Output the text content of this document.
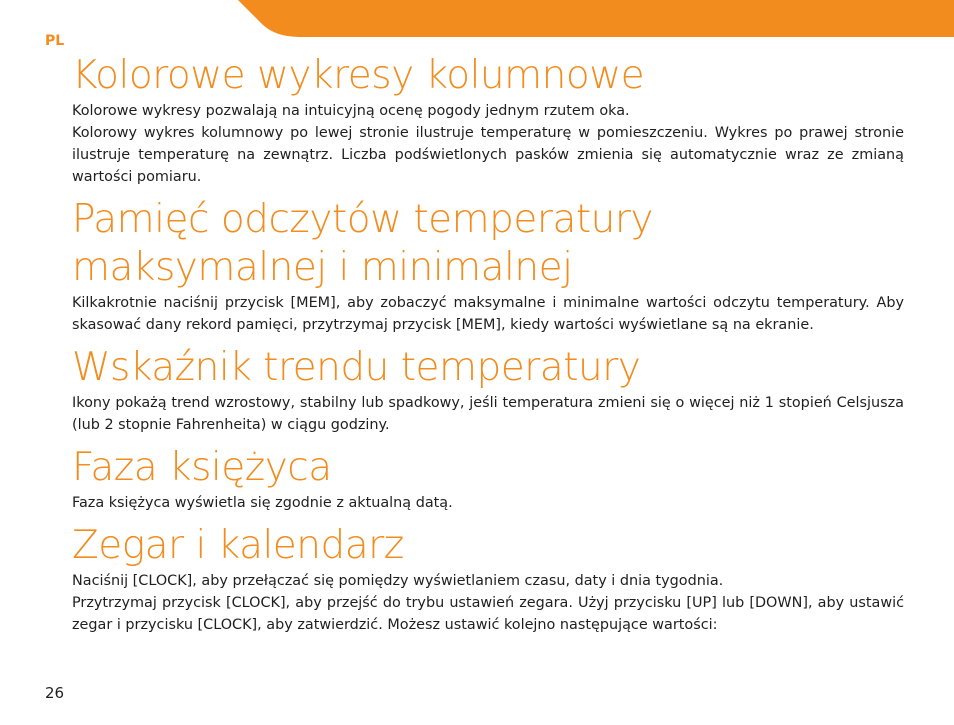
PL
Kolorowe wykresy kolumnowe

Kolorowe wykresy pozwalają na intuicyjną ocenę pogody jednym rzutem oka.

Kolorowy wykres kolumnowy po lewej stronie ilustruje temperaturę w pomieszczeniu. Wykres po prawej stronie ilustruje temperaturę na zewnątrz. Liczba podświetlonych pasków zmienia się automatycznie wraz ze zmianą wartości pomiaru.

Pamięć odczytów temperatury maksymalnej i minimalnej

Kilkakrotnie naciśnij przycisk [MEM], aby zobaczyć maksymalne i minimalne wartości odczytu temperatury. Aby skasować dany rekord pamięci, przytrzymaj przycisk [MEM], kiedy wartości wyświetlane są na ekranie.

Wskaźnik trendu temperatury

Ikony pokażą trend wzrostowy, stabilny lub spadkowy, jeśli temperatura zmieni się o więcej niż 1 stopień Celsjusza (lub 2 stopnie Fahrenheita) w ciągu godziny.

Faza księżyca

Faza księżyca wyświetla się zgodnie z aktualną datą.

Zegar i kalendarz

Naciśnij [CLOCK], aby przełączać się pomiędzy wyświetlaniem czasu, daty i dnia tygodnia.

Przytrzymaj przycisk [CLOCK], aby przejść do trybu ustawień zegara. Użyj przycisku [UP] lub [DOWN], aby ustawić zegar i przycisku [CLOCK], aby zatwierdzić. Możesz ustawić kolejno następujące wartości:

26
